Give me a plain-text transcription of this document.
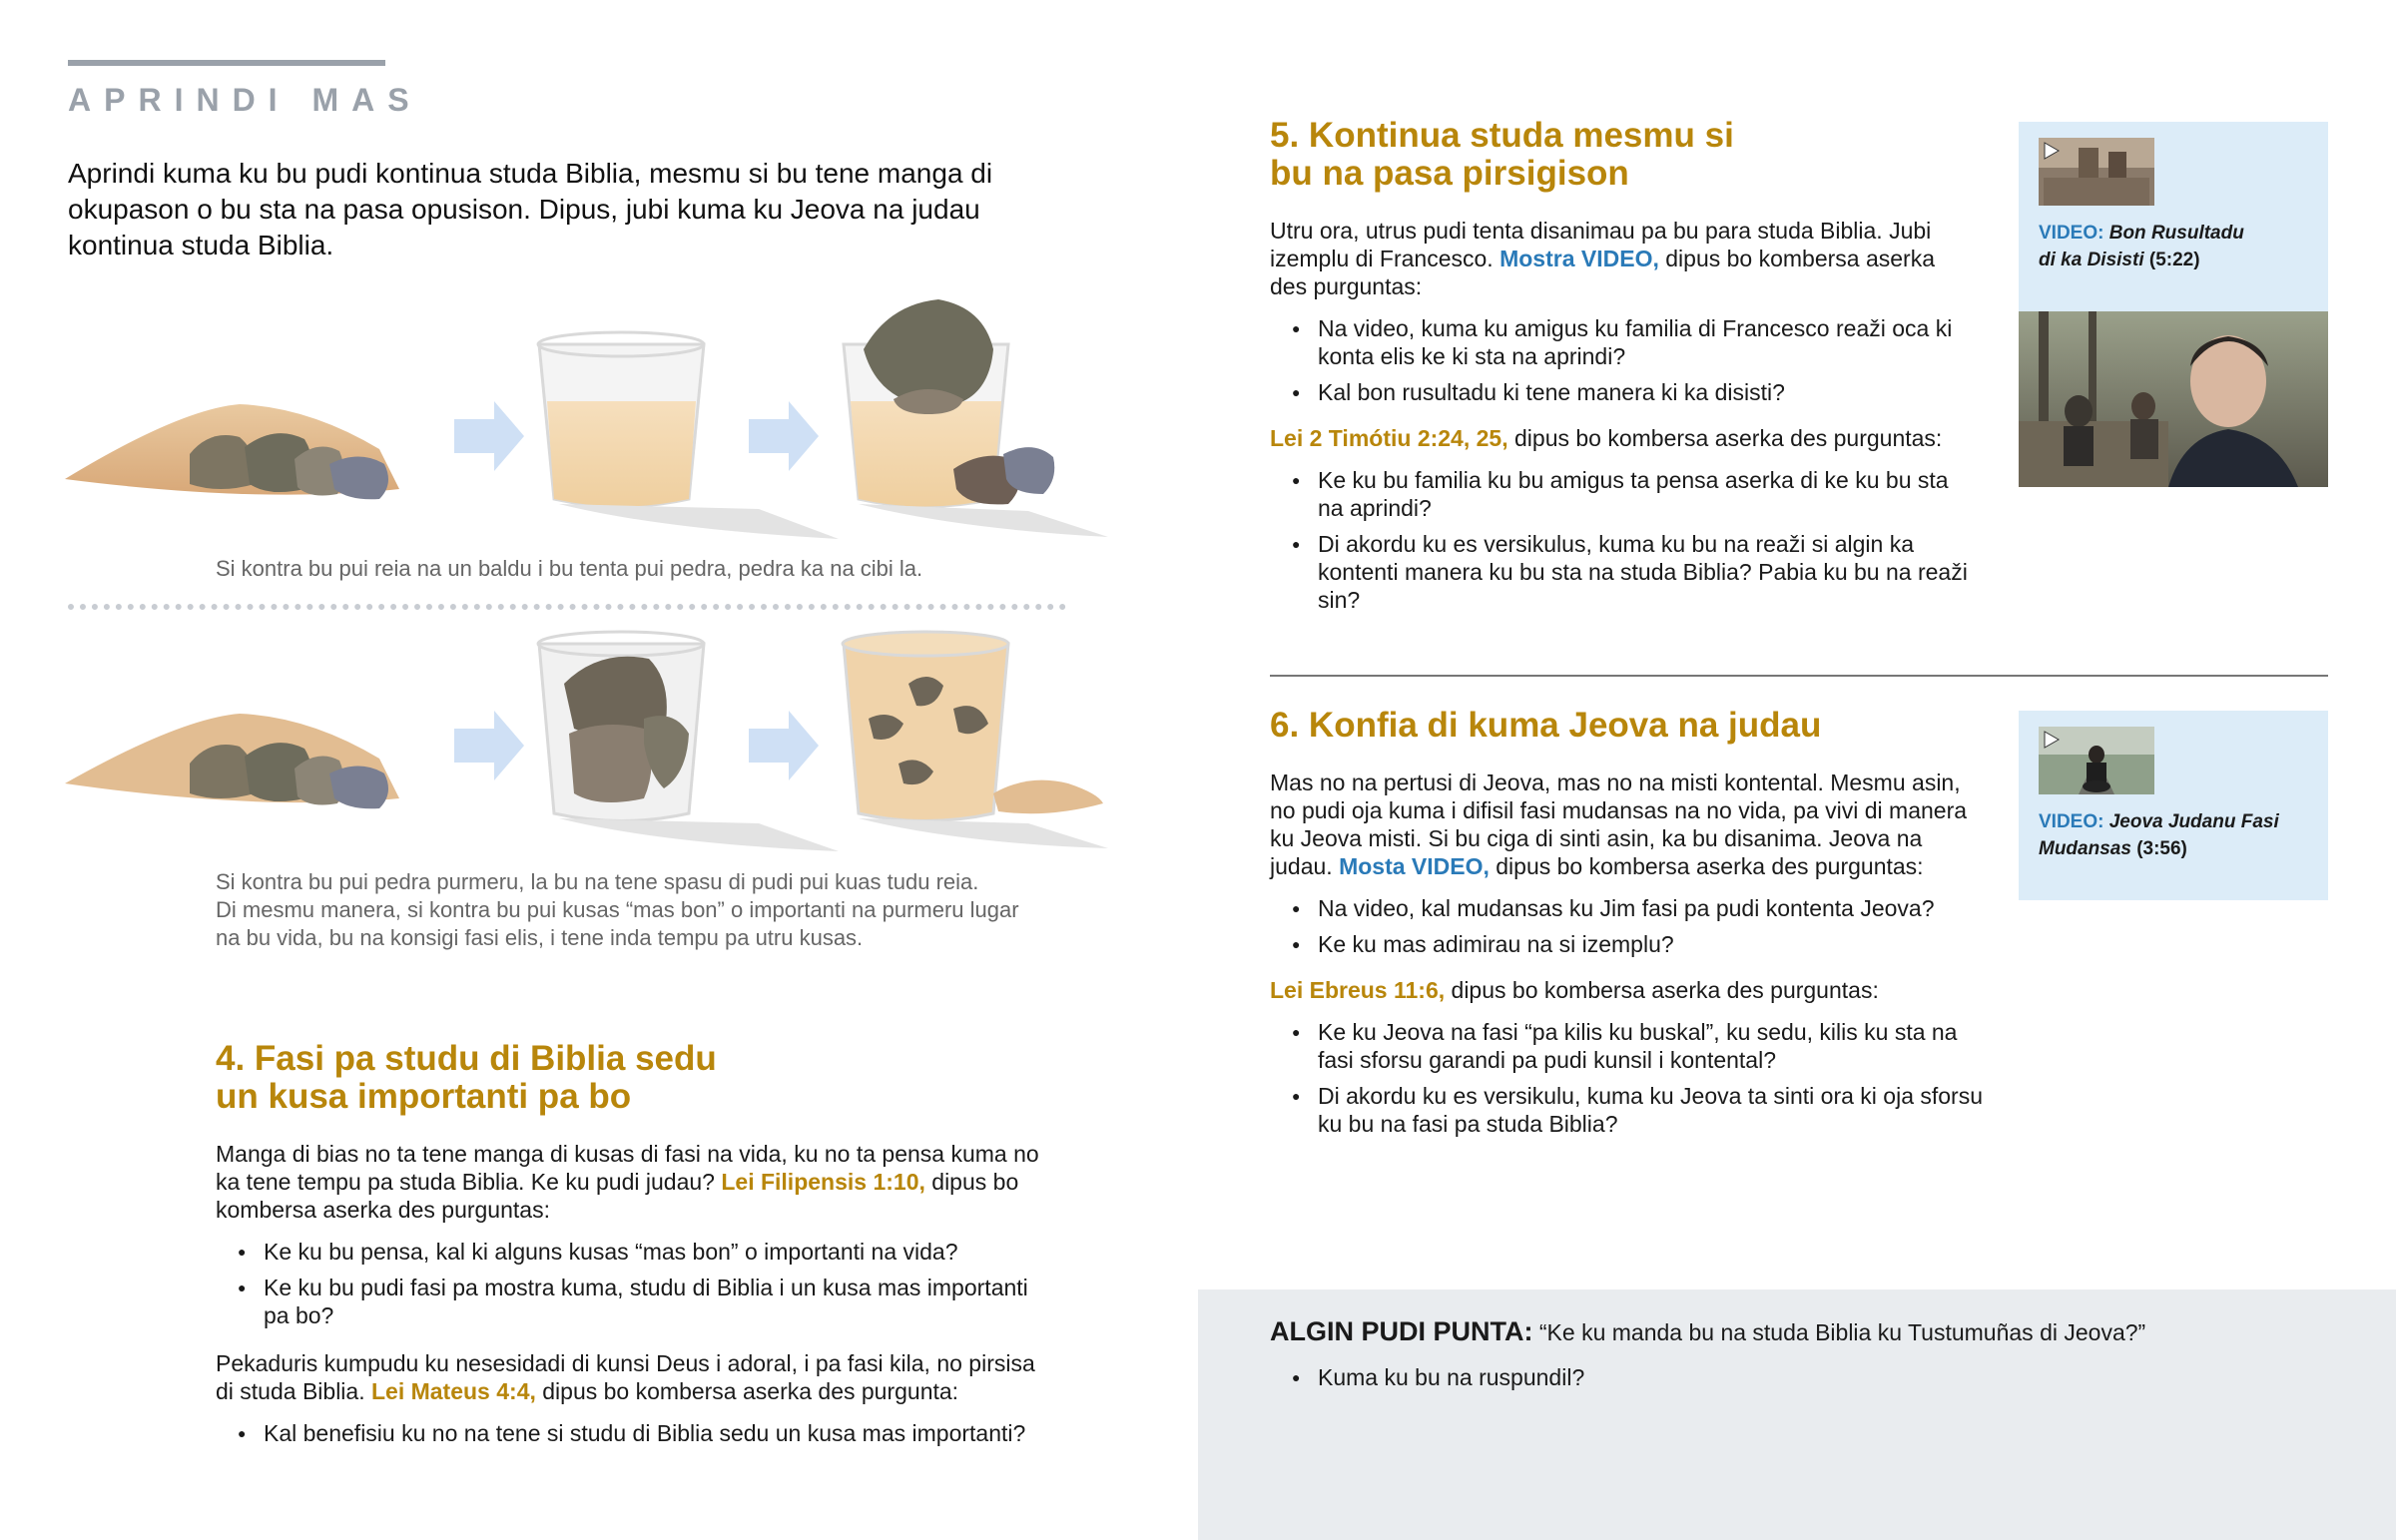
APRINDI MAS
Aprindi kuma ku bu pudi kontinua studa Biblia, mesmu si bu tene manga di okupason o bu sta na pasa opusison. Dipus, jubi kuma ku Jeova na judau kontinua studa Biblia.
Si kontra bu pui reia na un baldu i bu tenta pui pedra, pedra ka na cibi la.
Si kontra bu pui pedra purmeru, la bu na tene spasu di pudi pui kuas tudu reia.
Di mesmu manera, si kontra bu pui kusas “mas bon” o importanti na purmeru lugar
na bu vida, bu na konsigi fasi elis, i tene inda tempu pa utru kusas.
4. Fasi pa studu di Biblia sedu
un kusa importanti pa bo

Manga di bias no ta tene manga di kusas di fasi na vida, ku no ta pensa kuma no ka tene tempu pa studa Biblia. Ke ku pudi judau? Lei Filipensis 1:10, dipus bo kombersa aserka des purguntas:

● Ke ku bu pensa, kal ki alguns kusas “mas bon” o importanti na vida?
● Ke ku bu pudi fasi pa mostra kuma, studu di Biblia i un kusa mas importanti pa bo?

Pekaduris kumpudu ku nesesidadi di kunsi Deus i adoral, i pa fasi kila, no pirsisa di studa Biblia. Lei Mateus 4:4, dipus bo kombersa aserka des purgunta:

● Kal benefisiu ku no na tene si studu di Biblia sedu un kusa mas importanti?
5. Kontinua studa mesmu si
bu na pasa pirsigison

Utru ora, utrus pudi tenta disanimau pa bu para studa Biblia. Jubi izemplu di Francesco. Mostra VIDEO, dipus bo kombersa aserka des purguntas:

● Na video, kuma ku amigus ku familia di Francesco reaži oca ki konta elis ke ki sta na aprindi?
● Kal bon rusultadu ki tene manera ki ka disisti?

Lei 2 Timótiu 2:24, 25, dipus bo kombersa aserka des purguntas:

● Ke ku bu familia ku bu amigus ta pensa aserka di ke ku bu sta na aprindi?
● Di akordu ku es versikulus, kuma ku bu na reaži si algin ka kontenti manera ku bu sta na studa Biblia? Pabia ku bu na reaži sin?
VIDEO: Bon Rusultadu
di ka Disisti (5:22)
6. Konfia di kuma Jeova na judau

Mas no na pertusi di Jeova, mas no na misti kontental. Mesmu asin, no pudi oja kuma i difisil fasi mudansas na no vida, pa vivi di manera ku Jeova misti. Si bu ciga di sinti asin, ka bu disanima. Jeova na judau. Mosta VIDEO, dipus bo kombersa aserka des purguntas:

● Na video, kal mudansas ku Jim fasi pa pudi kontenta Jeova?
● Ke ku mas adimirau na si izemplu?

Lei Ebreus 11:6, dipus bo kombersa aserka des purguntas:

● Ke ku Jeova na fasi “pa kilis ku buskal”, ku sedu, kilis ku sta na fasi sforsu garandi pa pudi kunsil i kontental?
● Di akordu ku es versikulu, kuma ku Jeova ta sinti ora ki oja sforsu ku bu na fasi pa studa Biblia?
VIDEO: Jeova Judanu Fasi
Mudansas (3:56)
ALGIN PUDI PUNTA: “Ke ku manda bu na studa Biblia ku Tustumuñas di Jeova?”
● Kuma ku bu na ruspundil?
